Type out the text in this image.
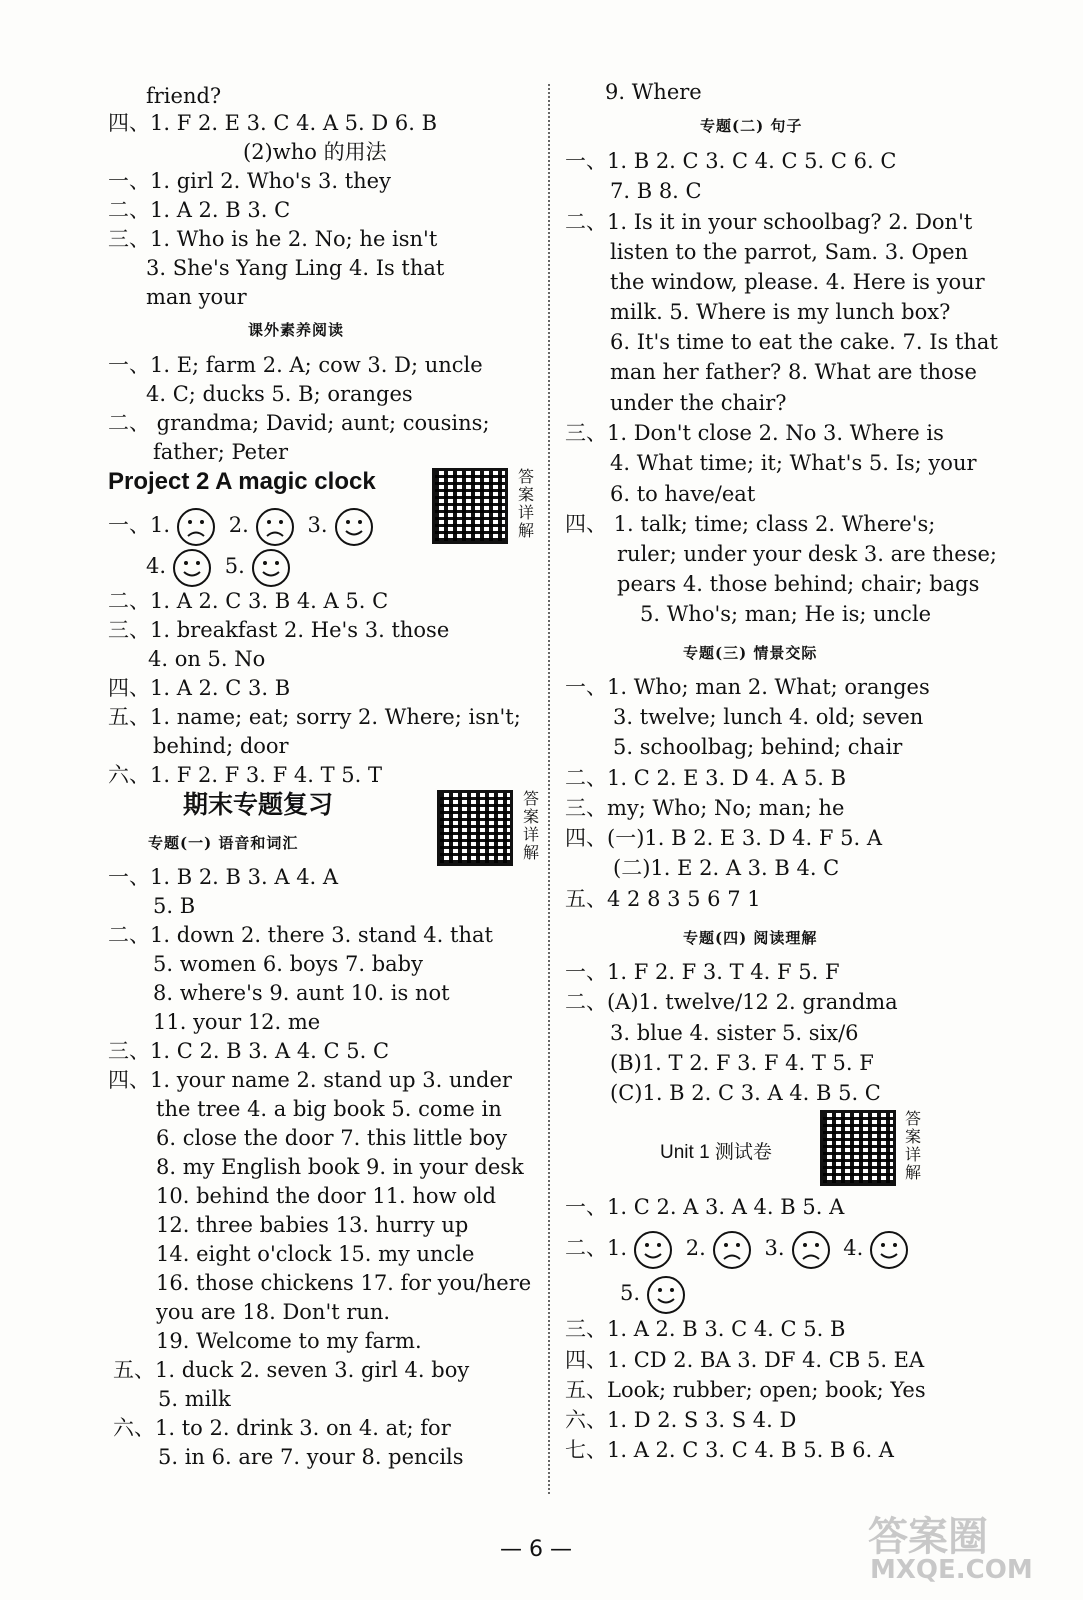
friend?
四、1. F 2. E 3. C 4. A 5. D 6. B
(2)who 的用法
一、1. girl 2. Who's 3. they
二、1. A 2. B 3. C
三、1. Who is he 2. No; he isn't
3. She's Yang Ling 4. Is that
man your
课外素养阅读
一、1. E; farm 2. A; cow 3. D; uncle
4. C; ducks 5. B; oranges
二、 grandma; David; aunt; cousins;
father; Peter
Project 2 A magic clock
一、1.	2.	3.
4.	5.
二、1. A 2. C 3. B 4. A 5. C
三、1. breakfast 2. He's 3. those
4. on 5. No
四、1. A 2. C 3. B
五、1. name; eat; sorry 2. Where; isn't;
behind; door
六、1. F 2. F 3. F 4. T 5. T
期末专题复习
专题(一) 语音和词汇
一、1. B 2. B 3. A 4. A
5. B
二、1. down 2. there 3. stand 4. that
5. women 6. boys 7. baby
8. where's 9. aunt 10. is not
11. your 12. me
三、1. C 2. B 3. A 4. C 5. C
四、1. your name 2. stand up 3. under
the tree 4. a big book 5. come in
6. close the door 7. this little boy
8. my English book 9. in your desk
10. behind the door 11. how old
12. three babies 13. hurry up
14. eight o'clock 15. my uncle
16. those chickens 17. for you/here
you are 18. Don't run.
19. Welcome to my farm.
五、1. duck 2. seven 3. girl 4. boy
5. milk
六、1. to 2. drink 3. on 4. at; for
5. in 6. are 7. your 8. pencils
答案详解
答案详解
答案详解
9. Where
专题(二) 句子
一、1. B 2. C 3. C 4. C 5. C 6. C
7. B 8. C
二、1. Is it in your schoolbag? 2. Don't
listen to the parrot, Sam. 3. Open
the window, please. 4. Here is your
milk. 5. Where is my lunch box?
6. It's time to eat the cake. 7. Is that
man her father? 8. What are those
under the chair?
三、1. Don't close 2. No 3. Where is
4. What time; it; What's 5. Is; your
6. to have/eat
四、 1. talk; time; class 2. Where's;
ruler; under your desk 3. are these;
pears 4. those behind; chair; bags
5. Who's; man; He is; uncle
专题(三) 情景交际
一、1. Who; man 2. What; oranges
3. twelve; lunch 4. old; seven
5. schoolbag; behind; chair
二、1. C 2. E 3. D 4. A 5. B
三、my; Who; No; man; he
四、(一)1. B 2. E 3. D 4. F 5. A
(二)1. E 2. A 3. B 4. C
五、4 2 8 3 5 6 7 1
专题(四) 阅读理解
一、1. F 2. F 3. T 4. F 5. F
二、(A)1. twelve/12 2. grandma
3. blue 4. sister 5. six/6
(B)1. T 2. F 3. F 4. T 5. F
(C)1. B 2. C 3. A 4. B 5. C
Unit 1 测试卷
一、1. C 2. A 3. A 4. B 5. A
二、1.	2.	3.	4.
5.
三、1. A 2. B 3. C 4. C 5. B
四、1. CD 2. BA 3. DF 4. CB 5. EA
五、Look; rubber; open; book; Yes
六、1. D 2. S 3. S 4. D
七、1. A 2. C 3. C 4. B 5. B 6. A
— 6 —	答案圈
MXQE.COM
